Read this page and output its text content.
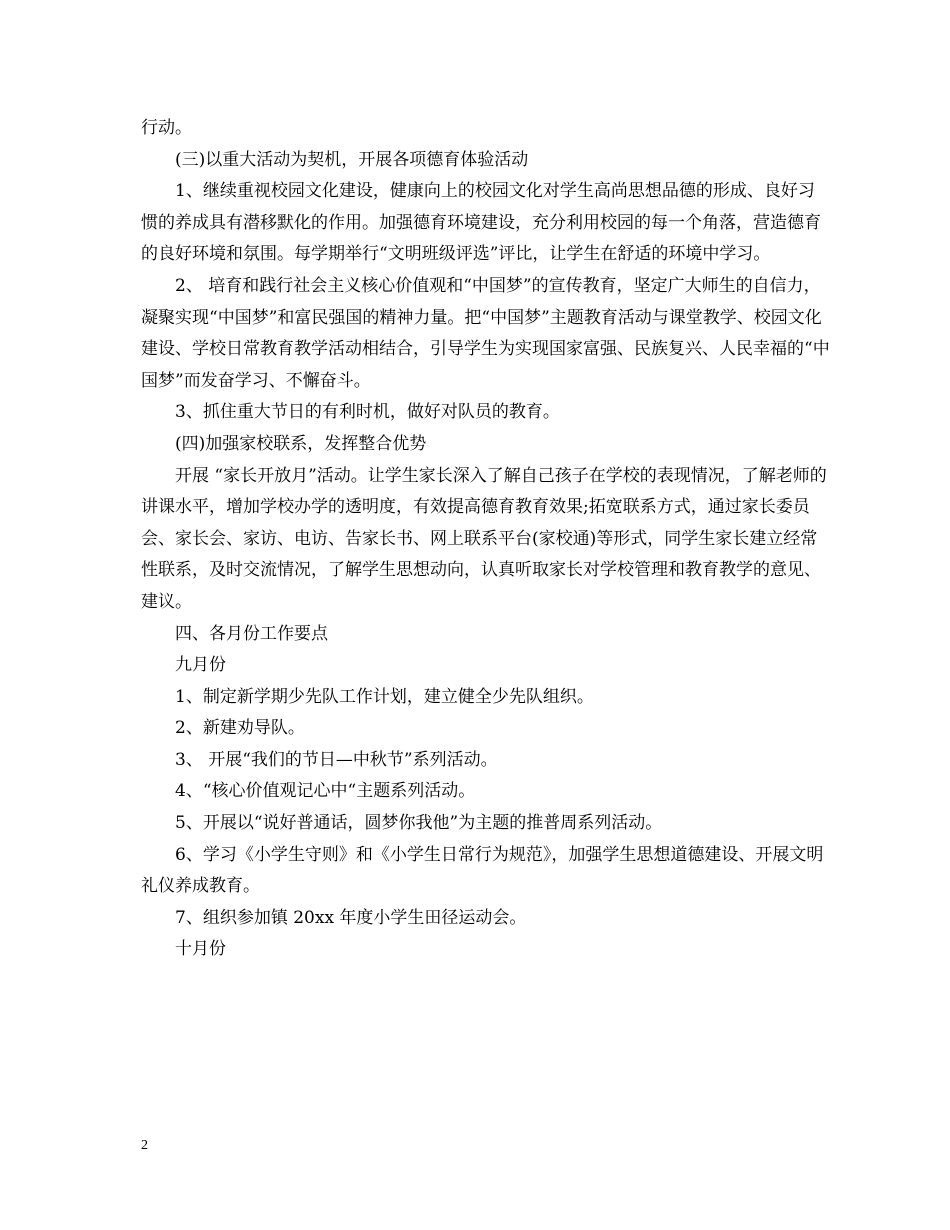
行动。

(三)以重大活动为契机，开展各项德育体验活动

1、继续重视校园文化建设，健康向上的校园文化对学生高尚思想品德的形成、良好习惯的养成具有潜移默化的作用。加强德育环境建设，充分利用校园的每一个角落，营造德育的良好环境和氛围。每学期举行“文明班级评选”评比，让学生在舒适的环境中学习。

2、 培育和践行社会主义核心价值观和“中国梦”的宣传教育，坚定广大师生的自信力，凝聚实现“中国梦”和富民强国的精神力量。把“中国梦”主题教育活动与课堂教学、校园文化建设、学校日常教育教学活动相结合，引导学生为实现国家富强、民族复兴、人民幸福的“中国梦”而发奋学习、不懈奋斗。

3、抓住重大节日的有利时机，做好对队员的教育。

(四)加强家校联系，发挥整合优势

开展 “家长开放月”活动。让学生家长深入了解自己孩子在学校的表现情况，了解老师的讲课水平，增加学校办学的透明度，有效提高德育教育效果;拓宽联系方式，通过家长委员会、家长会、家访、电访、告家长书、网上联系平台(家校通)等形式，同学生家长建立经常性联系，及时交流情况，了解学生思想动向，认真听取家长对学校管理和教育教学的意见、建议。

四、各月份工作要点

九月份

1、制定新学期少先队工作计划，建立健全少先队组织。

2、新建劝导队。

3、 开展“我们的节日—中秋节”系列活动。

4、“核心价值观记心中“主题系列活动。

5、开展以“说好普通话，圆梦你我他”为主题的推普周系列活动。

6、学习《小学生守则》和《小学生日常行为规范》，加强学生思想道德建设、开展文明礼仪养成教育。

7、组织参加镇 20xx 年度小学生田径运动会。

十月份

2
